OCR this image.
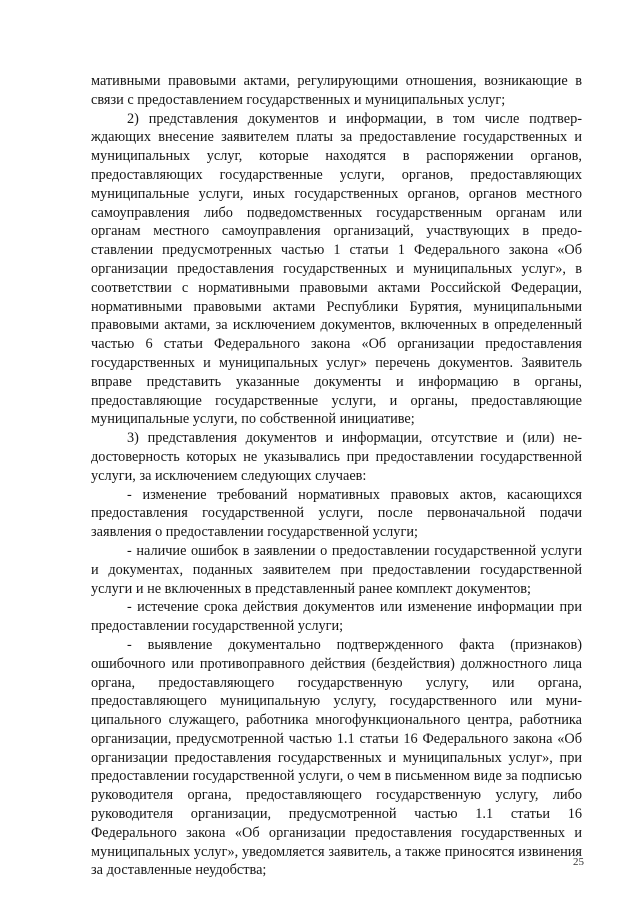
мативными правовыми актами, регулирующими отношения, возникающие в связи с предоставлением государственных и муниципальных услуг;

2) представления документов и информации, в том числе подтверждающих внесение заявителем платы за предоставление государственных и муниципальных услуг, которые находятся в распоряжении органов, предоставляющих государственные услуги, органов, предоставляющих муниципальные услуги, иных государственных органов, органов местного самоуправления либо подведомственных государственным органам или органам местного самоуправления организаций, участвующих в предоставлении предусмотренных частью 1 статьи 1 Федерального закона «Об организации предоставления государственных и муниципальных услуг», в соответствии с нормативными правовыми актами Российской Федерации, нормативными правовыми актами Республики Бурятия, муниципальными правовыми актами, за исключением документов, включенных в определенный частью 6 статьи Федерального закона «Об организации предоставления государственных и муниципальных услуг» перечень документов. Заявитель вправе представить указанные документы и информацию в органы, предоставляющие государственные услуги, и органы, предоставляющие муниципальные услуги, по собственной инициативе;

3) представления документов и информации, отсутствие и (или) недостоверность которых не указывались при предоставлении государственной услуги, за исключением следующих случаев:

- изменение требований нормативных правовых актов, касающихся предоставления государственной услуги, после первоначальной подачи заявления о предоставлении государственной услуги;

- наличие ошибок в заявлении о предоставлении государственной услуги и документах, поданных заявителем при предоставлении государственной услуги и не включенных в представленный ранее комплект документов;

- истечение срока действия документов или изменение информации при предоставлении государственной услуги;

- выявление документально подтвержденного факта (признаков) ошибочного или противоправного действия (бездействия) должностного лица органа, предоставляющего государственную услугу, или органа, предоставляющего муниципальную услугу, государственного или муниципального служащего, работника многофункционального центра, работника организации, предусмотренной частью 1.1 статьи 16 Федерального закона «Об организации предоставления государственных и муниципальных услуг», при предоставлении государственной услуги, о чем в письменном виде за подписью руководителя органа, предоставляющего государственную услугу, либо руководителя организации, предусмотренной частью 1.1 статьи 16 Федерального закона «Об организации предоставления государственных и муниципальных услуг», уведомляется заявитель, а также приносятся извинения за доставленные неудобства;

25
